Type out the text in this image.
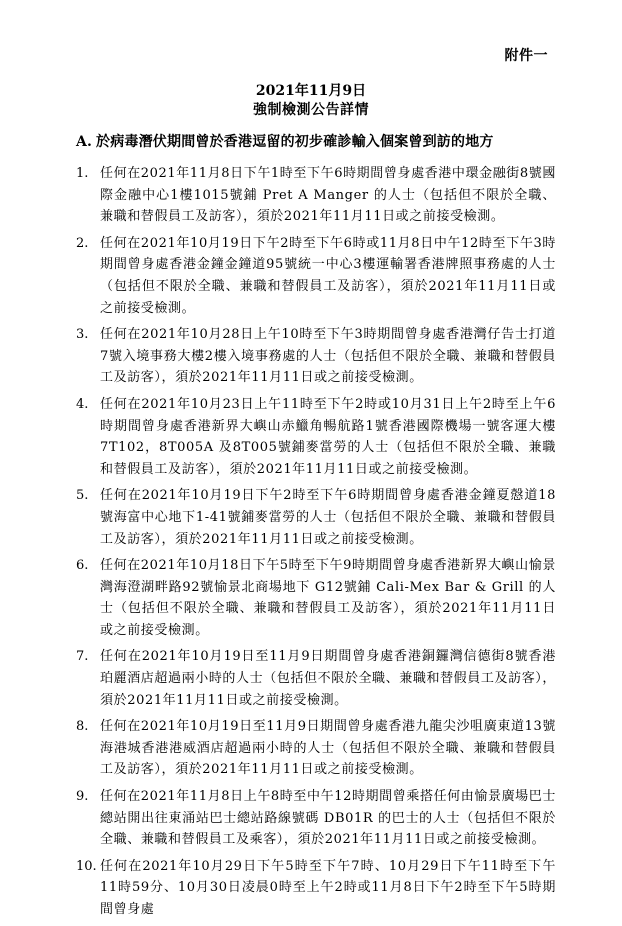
附件一
2021年11月9日
強制檢測公告詳情
A. 於病毒潛伏期間曾於香港逗留的初步確診輸入個案曾到訪的地方
1. 任何在2021年11月8日下午1時至下午6時期間曾身處香港中環金融街8號國際金融中心1樓1015號鋪 Pret A Manger 的人士（包括但不限於全職、兼職和替假員工及訪客），須於2021年11月11日或之前接受檢測。
2. 任何在2021年10月19日下午2時至下午6時或11月8日中午12時至下午3時期間曾身處香港金鐘金鐘道95號統一中心3樓運輸署香港牌照事務處的人士（包括但不限於全職、兼職和替假員工及訪客），須於2021年11月11日或之前接受檢測。
3. 任何在2021年10月28日上午10時至下午3時期間曾身處香港灣仔告士打道7號入境事務大樓2樓入境事務處的人士（包括但不限於全職、兼職和替假員工及訪客），須於2021年11月11日或之前接受檢測。
4. 任何在2021年10月23日上午11時至下午2時或10月31日上午2時至上午6時期間曾身處香港新界大嶼山赤鱲角暢航路1號香港國際機場一號客運大樓7T102，8T005A 及8T005號鋪麥當勞的人士（包括但不限於全職、兼職和替假員工及訪客），須於2021年11月11日或之前接受檢測。
5. 任何在2021年10月19日下午2時至下午6時期間曾身處香港金鐘夏慤道18號海富中心地下1-41號鋪麥當勞的人士（包括但不限於全職、兼職和替假員工及訪客），須於2021年11月11日或之前接受檢測。
6. 任何在2021年10月18日下午5時至下午9時期間曾身處香港新界大嶼山愉景灣海澄湖畔路92號愉景北商場地下 G12號鋪 Cali-Mex Bar & Grill 的人士（包括但不限於全職、兼職和替假員工及訪客），須於2021年11月11日或之前接受檢測。
7. 任何在2021年10月19日至11月9日期間曾身處香港銅鑼灣信德街8號香港珀麗酒店超過兩小時的人士（包括但不限於全職、兼職和替假員工及訪客），須於2021年11月11日或之前接受檢測。
8. 任何在2021年10月19日至11月9日期間曾身處香港九龍尖沙咀廣東道13號海港城香港港威酒店超過兩小時的人士（包括但不限於全職、兼職和替假員工及訪客），須於2021年11月11日或之前接受檢測。
9. 任何在2021年11月8日上午8時至中午12時期間曾乘搭任何由愉景廣場巴士總站開出往東涌站巴士總站路線號碼 DB01R 的巴士的人士（包括但不限於全職、兼職和替假員工及乘客），須於2021年11月11日或之前接受檢測。
10. 任何在2021年10月29日下午5時至下午7時、10月29日下午11時至下午11時59分、10月30日凌晨0時至上午2時或11月8日下午2時至下午5時期間曾身處
